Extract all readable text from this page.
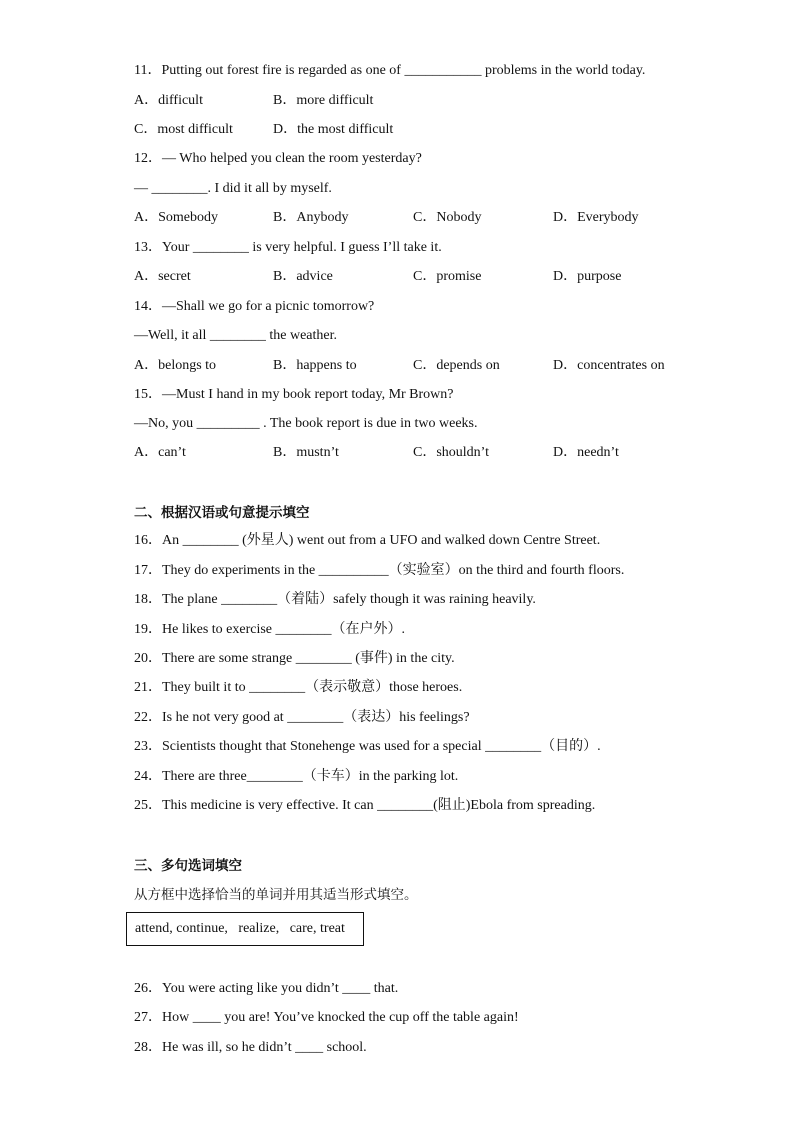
11．Putting out forest fire is regarded as one of ___________ problems in the world today.
A．difficult	B．more difficult
C．most difficult	D．the most difficult
12．— Who helped you clean the room yesterday?
— ________. I did it all by myself.
A．Somebody	B．Anybody	C．Nobody	D．Everybody
13．Your ________ is very helpful. I guess I’ll take it.
A．secret	B．advice	C．promise	D．purpose
14．—Shall we go for a picnic tomorrow?
—Well, it all ________ the weather.
A．belongs to	B．happens to	C．depends on	D．concentrates on
15．—Must I hand in my book report today, Mr Brown?
—No, you _________ . The book report is due in two weeks.
A．can’t	B．mustn’t	C．shouldn’t	D．needn’t
二、根据汉语或句意提示填空
16．An ________ (外星人) went out from a UFO and walked down Centre Street.
17．They do experiments in the __________（实验室）on the third and fourth floors.
18．The plane ________（着陆）safely though it was raining heavily.
19．He likes to exercise ________（在户外）.
20．There are some strange ________ (事件) in the city.
21．They built it to ________（表示敬意）those heroes.
22．Is he not very good at ________（表达）his feelings?
23．Scientists thought that Stonehenge was used for a special ________（目的）.
24．There are three________（卡车）in the parking lot.
25．This medicine is very effective. It can ________(阻止)Ebola from spreading.
三、多句选词填空
从方框中选择恰当的单词并用其适当形式填空。
attend, continue,   realize,   care, treat
26．You were acting like you didn’t ____ that.
27．How ____ you are! You’ve knocked the cup off the table again!
28．He was ill, so he didn’t ____ school.
